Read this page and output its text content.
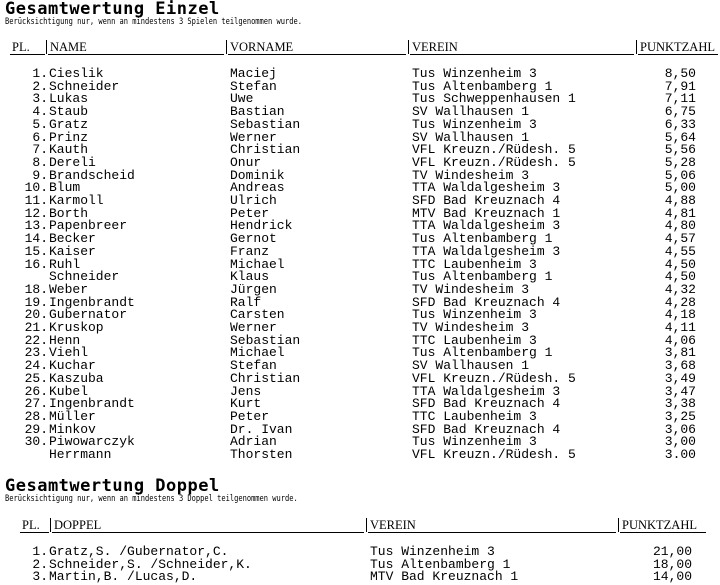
Gesamtwertung Einzel
Berücksichtigung nur, wenn an mindestens 3 Spielen teilgenommen wurde.
PL. NAME	VORNAME	VEREIN	PUNKTZAHL
1. Cieslik	Maciej	Tus Winzenheim 3	8,50
2. Schneider	Stefan	Tus Altenbamberg 1	7,91
3. Lukas	Uwe	Tus Schweppenhausen 1	7,11
4. Staub	Bastian	SV Wallhausen 1	6,75
5. Gratz	Sebastian	Tus Winzenheim 3	6,33
6. Prinz	Werner	SV Wallhausen 1	5,64
7. Kauth	Christian	VFL Kreuzn./Rüdesh. 5	5,56
8. Dereli	Onur	VFL Kreuzn./Rüdesh. 5	5,28
9. Brandscheid	Dominik	TV Windesheim 3	5,06
10. Blum	Andreas	TTA Waldalgesheim 3	5,00
11. Karmoll	Ulrich	SFD Bad Kreuznach 4	4,88
12. Borth	Peter	MTV Bad Kreuznach 1	4,81
13. Papenbreer	Hendrick	TTA Waldalgesheim 3	4,80
14. Becker	Gernot	Tus Altenbamberg 1	4,57
15. Kaiser	Franz	TTA Waldalgesheim 3	4,55
16. Ruhl	Michael	TTC Laubenheim 3	4,50
Schneider	Klaus	Tus Altenbamberg 1	4,50
18. Weber	Jürgen	TV Windesheim 3	4,32
19. Ingenbrandt	Ralf	SFD Bad Kreuznach 4	4,28
20. Gubernator	Carsten	Tus Winzenheim 3	4,18
21. Kruskop	Werner	TV Windesheim 3	4,11
22. Henn	Sebastian	TTC Laubenheim 3	4,06
23. Viehl	Michael	Tus Altenbamberg 1	3,81
24. Kuchar	Stefan	SV Wallhausen 1	3,68
25. Kaszuba	Christian	VFL Kreuzn./Rüdesh. 5	3,49
26. Kubel	Jens	TTA Waldalgesheim 3	3,47
27. Ingenbrandt	Kurt	SFD Bad Kreuznach 4	3,38
28. Müller	Peter	TTC Laubenheim 3	3,25
29. Minkov	Dr. Ivan	SFD Bad Kreuznach 4	3,06
30. Piwowarczyk	Adrian	Tus Winzenheim 3	3,00
Herrmann	Thorsten	VFL Kreuzn./Rüdesh. 5	3.00
Gesamtwertung Doppel
Berücksichtigung nur, wenn an mindestens 3 Doppel teilgenommen wurde.
PL. DOPPEL	VEREIN	PUNKTZAHL
1. Gratz,S. /Gubernator,C.	Tus Winzenheim 3	21,00
2. Schneider,S. /Schneider,K.	Tus Altenbamberg 1	18,00
3. Martin,B. /Lucas,D.	MTV Bad Kreuznach 1	14,00
